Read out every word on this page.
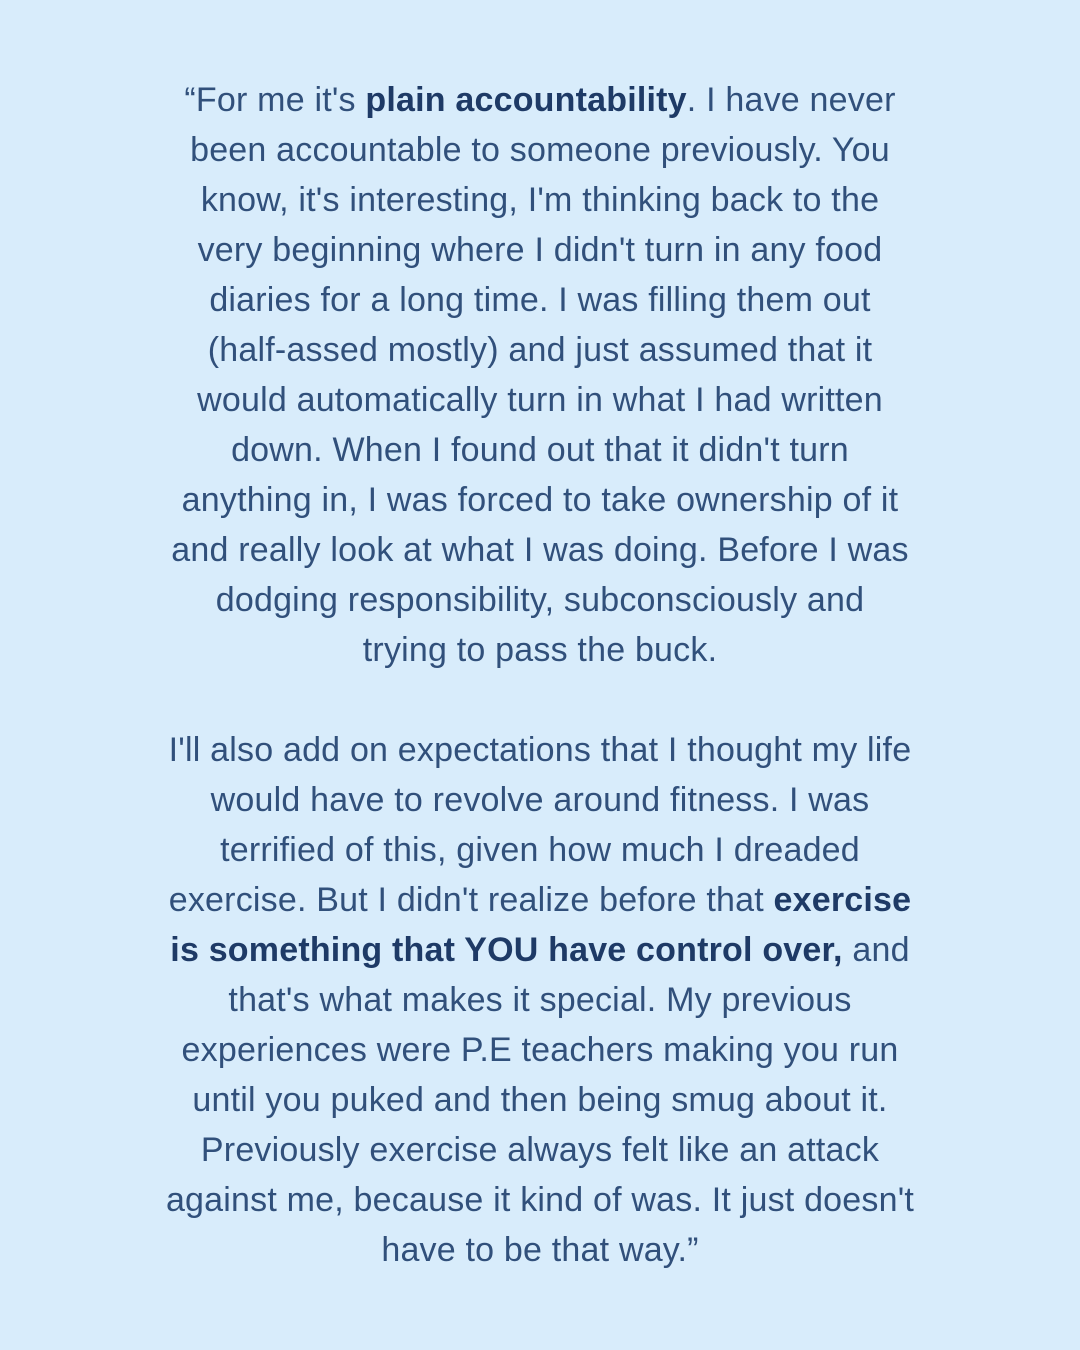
“For me it's plain accountability. I have never
been accountable to someone previously. You
know, it's interesting, I'm thinking back to the
very beginning where I didn't turn in any food
diaries for a long time. I was filling them out
(half-assed mostly) and just assumed that it
would automatically turn in what I had written
down. When I found out that it didn't turn
anything in, I was forced to take ownership of it
and really look at what I was doing. Before I was
dodging responsibility, subconsciously and
trying to pass the buck.
I'll also add on expectations that I thought my life
would have to revolve around fitness. I was
terrified of this, given how much I dreaded
exercise. But I didn't realize before that exercise
is something that YOU have control over, and
that's what makes it special. My previous
experiences were P.E teachers making you run
until you puked and then being smug about it.
Previously exercise always felt like an attack
against me, because it kind of was. It just doesn't
have to be that way.”
